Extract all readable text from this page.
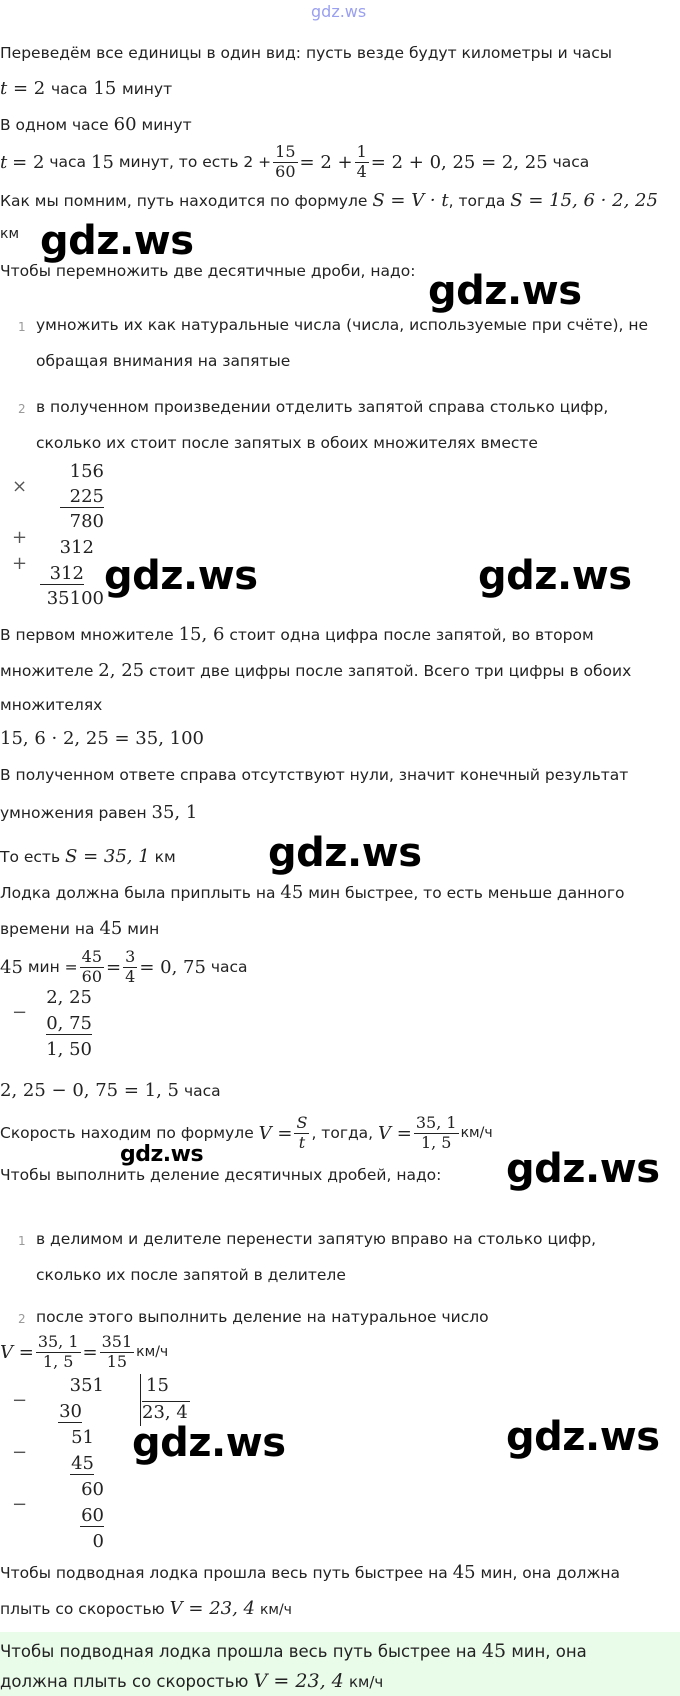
gdz.ws
Переведём все единицы в один вид: пусть везде будут километры и часы
t = 2 часа 15 минут
В одном часе 60 минут
t
= 2
часа
15
минут, то есть $2 + \frac{15}{60} = 2 + \frac{1}{4} = 2 + 0$, 25 = 2, 25
часа
Как мы помним, путь находится по формуле S = V · t, тогда S = 15, 6 · 2, 25
км gdz.ws
Чтобы перемножить две десятичные дроби, надо: gdz.ws
1 умножить их как натуральные числа (числа, используемые при счёте), не
обращая внимания на запятые
2 в полученном произведении отделить запятой справа столько цифр,
сколько их стоит после запятых в обоих множителях вместе
×
156
225
780
+	312
+	312
35100 gdz.ws	gdz.ws
В первом множителе 15, 6 стоит одна цифра после запятой, во втором
множителе 2, 25 стоит две цифры после запятой. Всего три цифры в обоих
множителях
15, 6 · 2, 25 = 35, 100
В полученном ответе справа отсутствуют нули, значит конечный результат
умножения равен 35, 1
То есть S = 35, 1 км gdz.ws
Лодка должна была приплыть на 45 мин быстрее, то есть меньше данного
времени на 45 мин
45
мин = $\frac{45}{60} = \frac{3}{4} = 0$, 75
часа
−
2, 25
0, 75
1, 50
2, 25 − 0, 75 = 1, 5 часа
Скорость находим по формуле
$V = \frac{S}{t}$ , тогда,
$V = \frac{35, 1}{1, 5} км/ч$
gdz.ws
Чтобы выполнить деление десятичных дробей, надо: gdz.ws
1 в делимом и делителе перенести запятую вправо на столько цифр,
сколько их после запятой в делителе
2 после этого выполнить деление на натуральное число
$V = \frac{35, 1}{1, 5} = \frac{351}{15} км/ч$
−
351 15
23, 4
30
−
51
45
−
60
60
0
gdz.ws	gdz.ws
Чтобы подводная лодка прошла весь путь быстрее на 45 мин, она должна
плыть со скоростью V = 23, 4 км/ч
Чтобы подводная лодка прошла весь путь быстрее на 45 мин, она
должна плыть со скоростью V = 23, 4 км/ч
